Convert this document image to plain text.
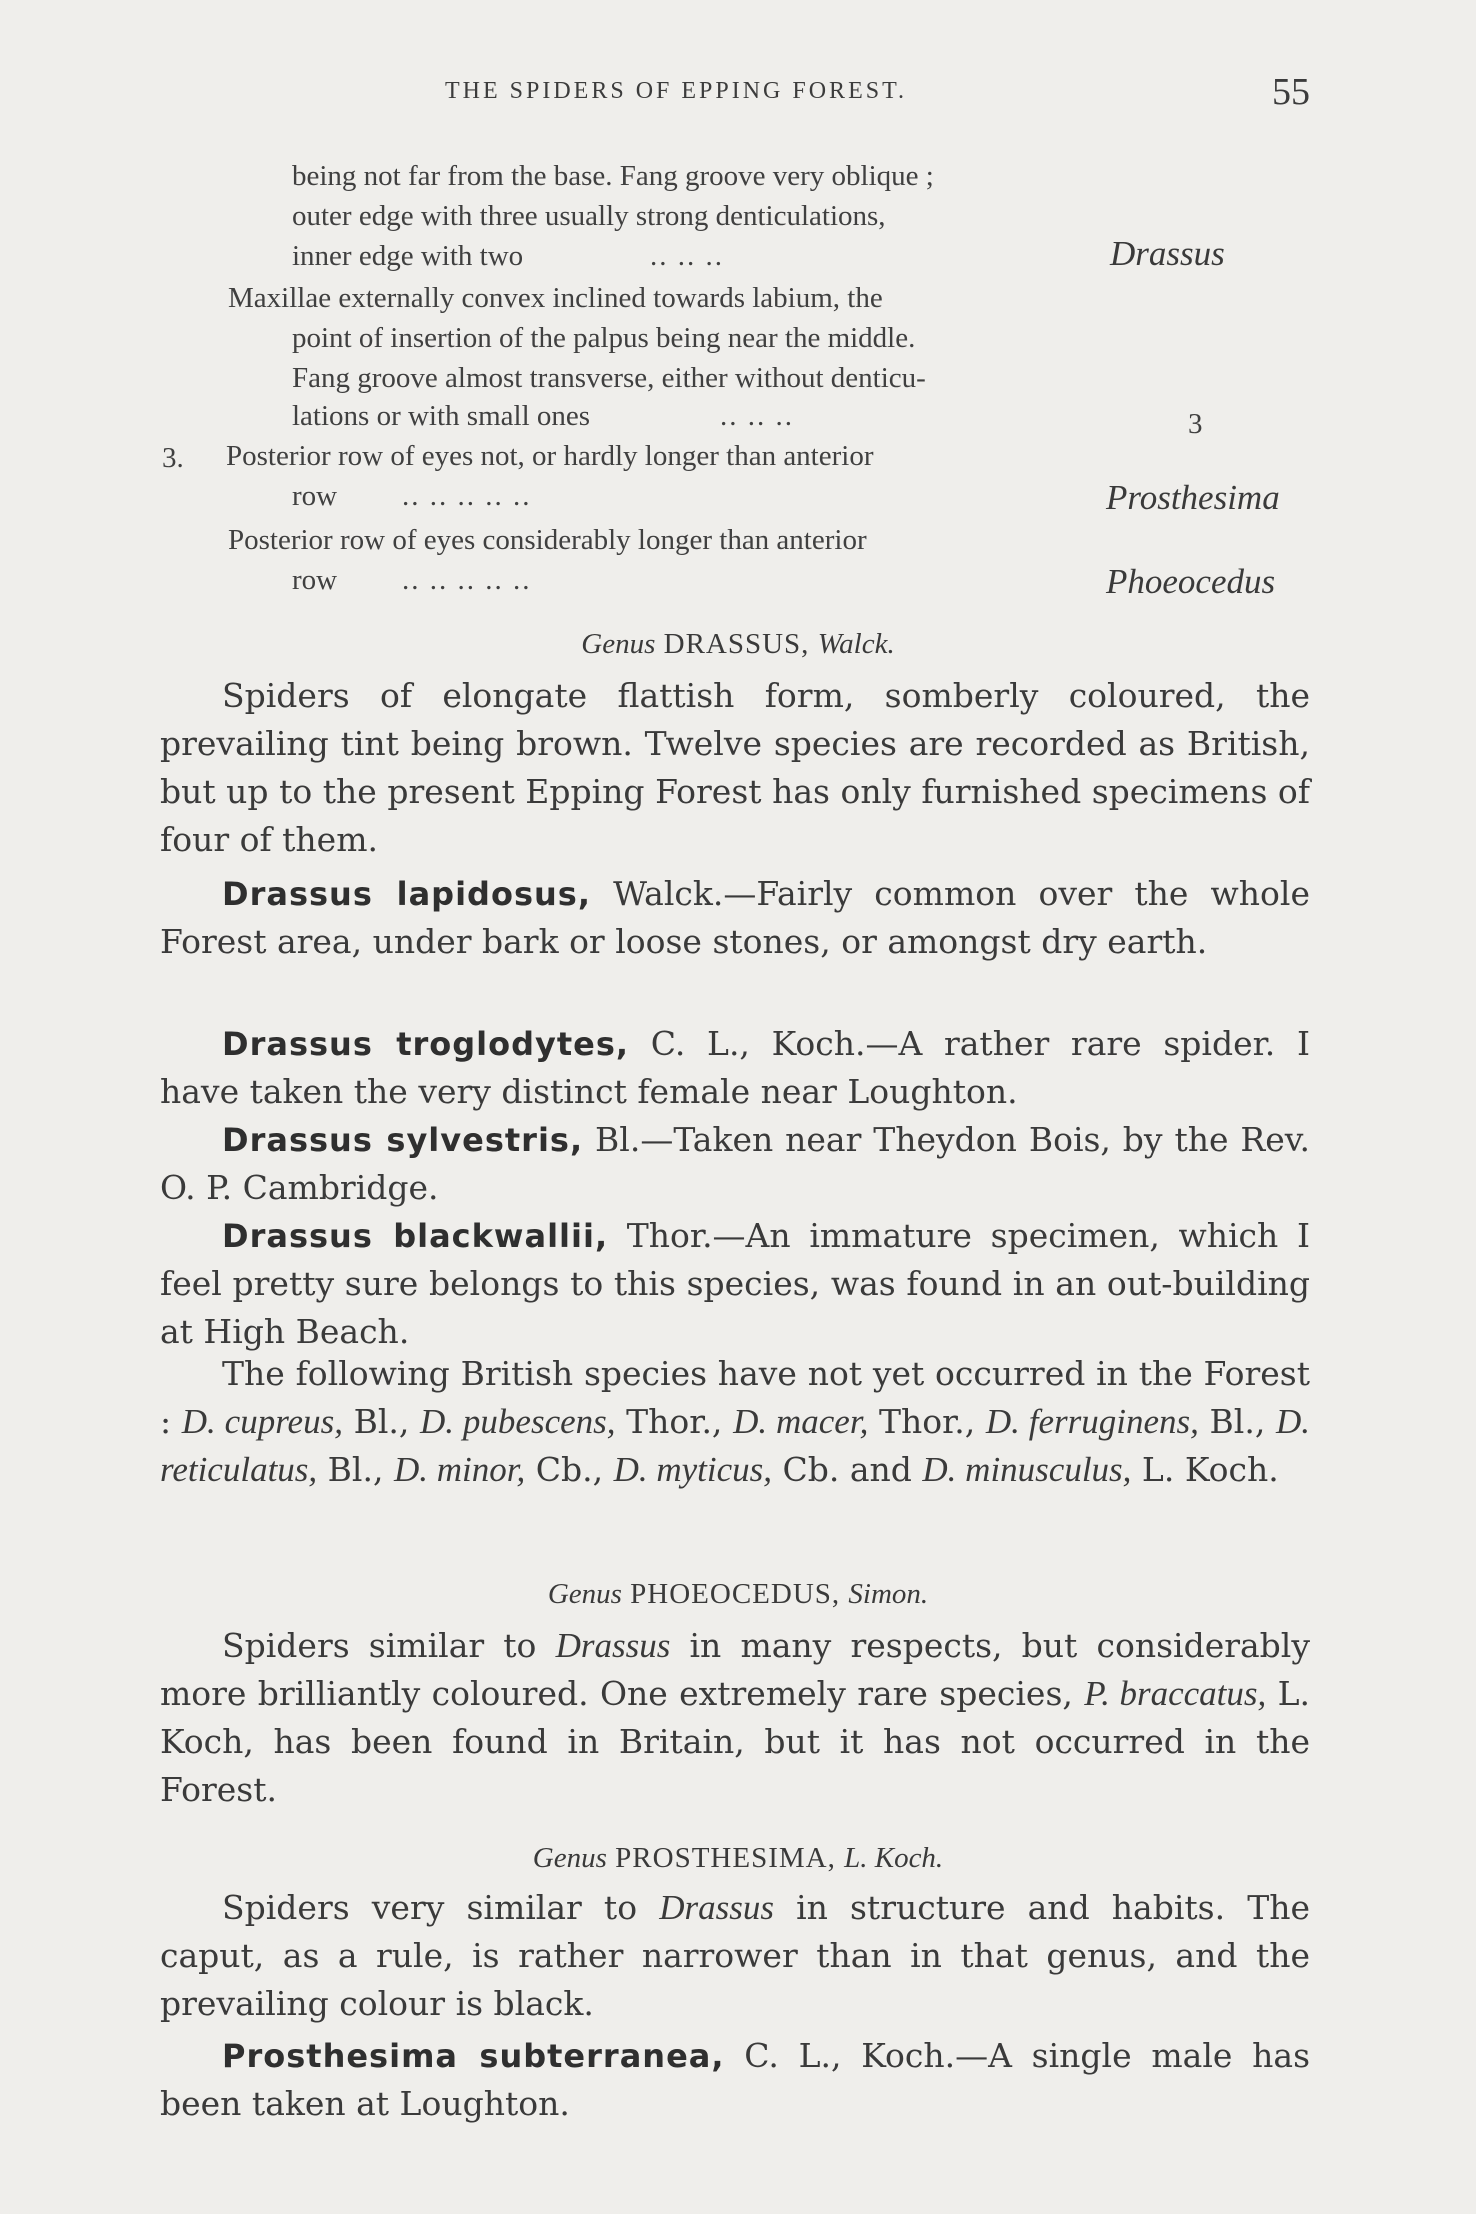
THE SPIDERS OF EPPING FOREST.	55
being not far from the base. Fang groove very oblique ;
outer edge with three usually strong denticulations,
inner edge with two	.. .. ..	Drassus
Maxillae externally convex inclined towards labium, the
point of insertion of the palpus being near the middle.
Fang groove almost transverse, either without denticu-
lations or with small ones	.. .. ..	3
3. Posterior row of eyes not, or hardly longer than anterior
row .. .. .. .. ..	Prosthesima
Posterior row of eyes considerably longer than anterior
row .. .. .. .. ..	Phoeocedus
Genus DRASSUS, Walck.

Spiders of elongate flattish form, somberly coloured, the prevailing tint being brown. Twelve species are recorded as British, but up to the present Epping Forest has only furnished specimens of four of them.

Drassus lapidosus, Walck.—Fairly common over the whole Forest area, under bark or loose stones, or amongst dry earth.

Drassus troglodytes, C. L., Koch.—A rather rare spider. I have taken the very distinct female near Loughton.

Drassus sylvestris, Bl.—Taken near Theydon Bois, by the Rev. O. P. Cambridge.

Drassus blackwallii, Thor.—An immature specimen, which I feel pretty sure belongs to this species, was found in an out-building at High Beach.

The following British species have not yet occurred in the Forest : D. cupreus, Bl., D. pubescens, Thor., D. macer, Thor., D. ferruginens, Bl., D. reticulatus, Bl., D. minor, Cb., D. myticus, Cb. and D. minusculus, L. Koch.

Genus PHOEOCEDUS, Simon.

Spiders similar to Drassus in many respects, but considerably more brilliantly coloured. One extremely rare species, P. braccatus, L. Koch, has been found in Britain, but it has not occurred in the Forest.

Genus PROSTHESIMA, L. Koch.

Spiders very similar to Drassus in structure and habits. The caput, as a rule, is rather narrower than in that genus, and the prevailing colour is black.

Prosthesima subterranea, C. L., Koch.—A single male has been taken at Loughton.
